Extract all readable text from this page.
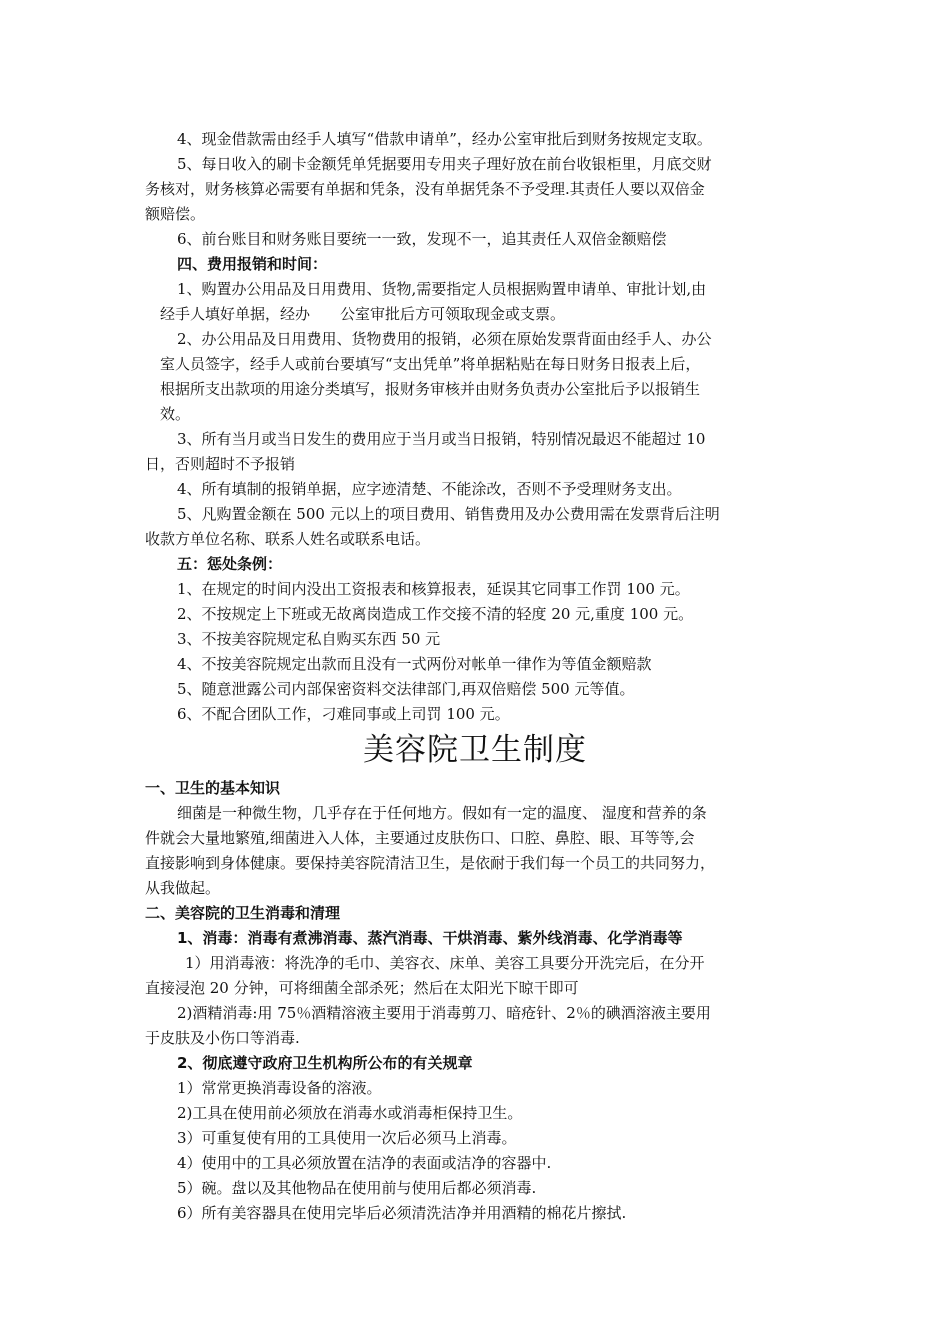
4、现金借款需由经手人填写“借款申请单”，经办公室审批后到财务按规定支取。
5、每日收入的刷卡金额凭单凭据要用专用夹子理好放在前台收银柜里，月底交财
务核对，财务核算必需要有单据和凭条，没有单据凭条不予受理.其责任人要以双倍金
额赔偿。
6、前台账目和财务账目要统一一致，发现不一，追其责任人双倍金额赔偿
四、费用报销和时间：
1、购置办公用品及日用费用、货物,需要指定人员根据购置申请单、审批计划,由
经手人填好单据，经办　　公室审批后方可领取现金或支票。
2、办公用品及日用费用、货物费用的报销，必须在原始发票背面由经手人、办公
室人员签字，经手人或前台要填写“支出凭单”将单据粘贴在每日财务日报表上后，
根据所支出款项的用途分类填写，报财务审核并由财务负责办公室批后予以报销生
效。
3、所有当月或当日发生的费用应于当月或当日报销，特别情况最迟不能超过 10
日，否则超时不予报销
4、所有填制的报销单据，应字迹清楚、不能涂改，否则不予受理财务支出。
5、凡购置金额在 500 元以上的项目费用、销售费用及办公费用需在发票背后注明
收款方单位名称、联系人姓名或联系电话。
五：惩处条例：
1、在规定的时间内没出工资报表和核算报表，延误其它同事工作罚 100 元。
2、不按规定上下班或无故离岗造成工作交接不清的轻度 20 元,重度 100 元。
3、不按美容院规定私自购买东西 50 元
4、不按美容院规定出款而且没有一式两份对帐单一律作为等值金额赔款
5、随意泄露公司内部保密资料交法律部门,再双倍赔偿 500 元等值。
6、不配合团队工作，刁难同事或上司罚 100 元。
美容院卫生制度
一、卫生的基本知识
细菌是一种微生物，几乎存在于任何地方。假如有一定的温度、 湿度和营养的条
件就会大量地繁殖,细菌进入人体，主要通过皮肤伤口、口腔、鼻腔、眼、耳等等,会
直接影响到身体健康。要保持美容院清洁卫生，是依耐于我们每一个员工的共同努力，
从我做起。
二、美容院的卫生消毒和清理
1、消毒：消毒有煮沸消毒、蒸汽消毒、干烘消毒、紫外线消毒、化学消毒等
1）用消毒液：将洗净的毛巾、美容衣、床单、美容工具要分开洗完后，在分开
直接浸泡 20 分钟，可将细菌全部杀死；然后在太阳光下晾干即可
2)酒精消毒:用 75％酒精溶液主要用于消毒剪刀、暗疮针、2％的碘酒溶液主要用
于皮肤及小伤口等消毒.
2、彻底遵守政府卫生机构所公布的有关规章
1）常常更换消毒设备的溶液。
2)工具在使用前必须放在消毒水或消毒柜保持卫生。
3）可重复使有用的工具使用一次后必须马上消毒。
4）使用中的工具必须放置在洁净的表面或洁净的容器中.
5）碗。盘以及其他物品在使用前与使用后都必须消毒.
6）所有美容器具在使用完毕后必须清洗洁净并用酒精的棉花片擦拭.
